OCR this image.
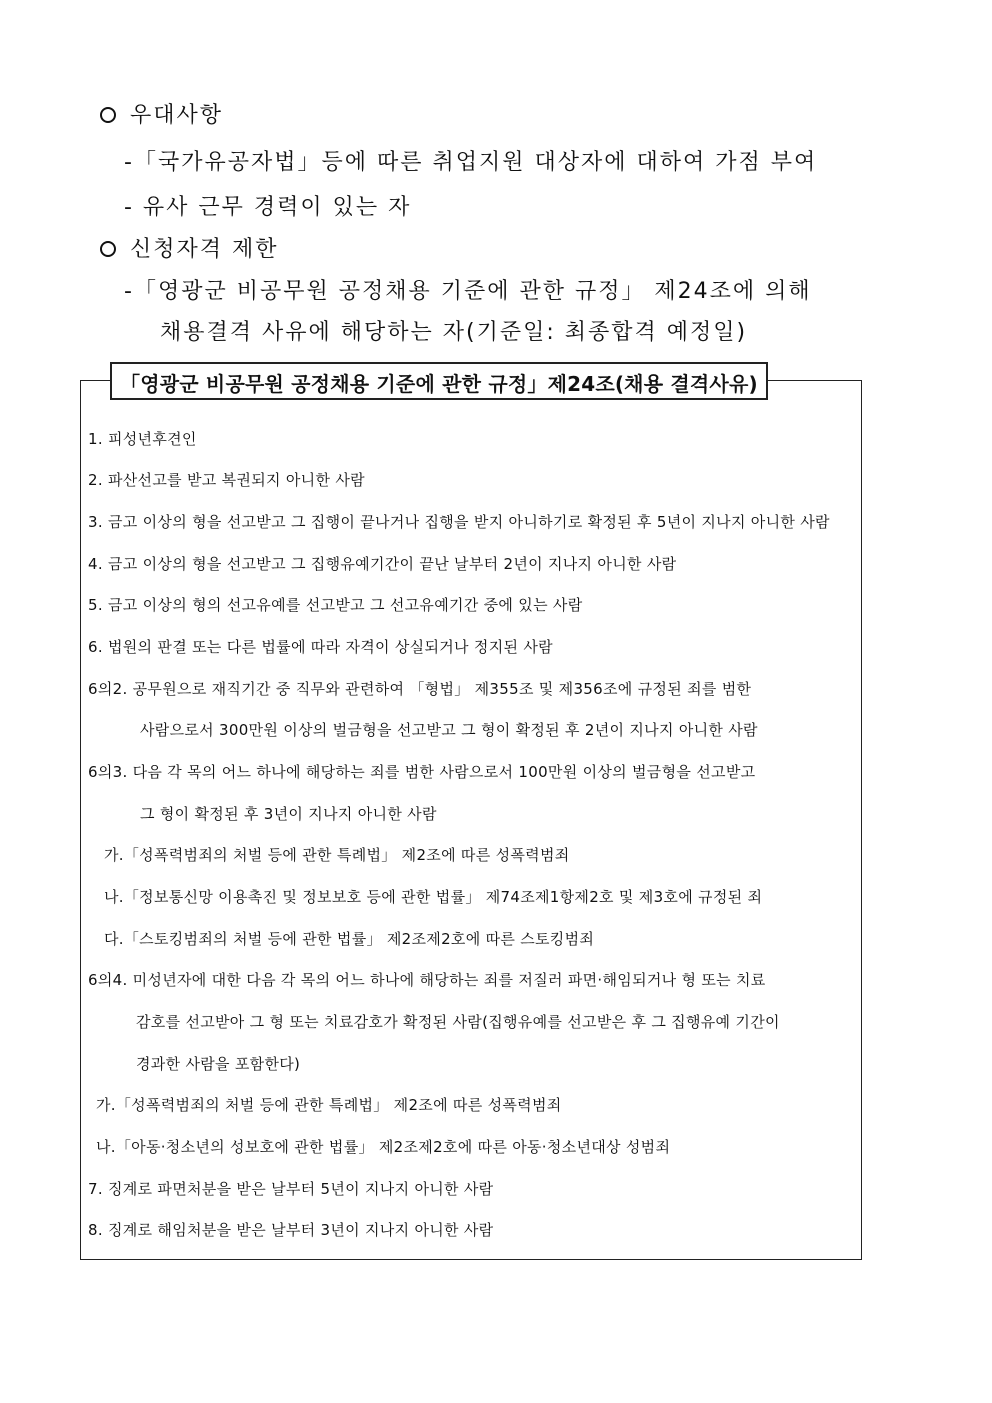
우대사항
-「국가유공자법」등에 따른 취업지원 대상자에 대하여 가점 부여
- 유사 근무 경력이 있는 자
신청자격 제한
-「영광군 비공무원 공정채용 기준에 관한 규정」 제24조에 의해
채용결격 사유에 해당하는 자(기준일: 최종합격 예정일)
「영광군 비공무원 공정채용 기준에 관한 규정」제24조(채용 결격사유)
1. 피성년후견인
2. 파산선고를 받고 복권되지 아니한 사람
3. 금고 이상의 형을 선고받고 그 집행이 끝나거나 집행을 받지 아니하기로 확정된 후 5년이 지나지 아니한 사람
4. 금고 이상의 형을 선고받고 그 집행유예기간이 끝난 날부터 2년이 지나지 아니한 사람
5. 금고 이상의 형의 선고유예를 선고받고 그 선고유예기간 중에 있는 사람
6. 법원의 판결 또는 다른 법률에 따라 자격이 상실되거나 정지된 사람
6의2. 공무원으로 재직기간 중 직무와 관련하여 「형법」 제355조 및 제356조에 규정된 죄를 범한
사람으로서 300만원 이상의 벌금형을 선고받고 그 형이 확정된 후 2년이 지나지 아니한 사람
6의3. 다음 각 목의 어느 하나에 해당하는 죄를 범한 사람으로서 100만원 이상의 벌금형을 선고받고
그 형이 확정된 후 3년이 지나지 아니한 사람
가.「성폭력범죄의 처벌 등에 관한 특례법」 제2조에 따른 성폭력범죄
나.「정보통신망 이용촉진 및 정보보호 등에 관한 법률」 제74조제1항제2호 및 제3호에 규정된 죄
다.「스토킹범죄의 처벌 등에 관한 법률」 제2조제2호에 따른 스토킹범죄
6의4. 미성년자에 대한 다음 각 목의 어느 하나에 해당하는 죄를 저질러 파면·해임되거나 형 또는 치료
감호를 선고받아 그 형 또는 치료감호가 확정된 사람(집행유예를 선고받은 후 그 집행유예 기간이
경과한 사람을 포함한다)
가.「성폭력범죄의 처벌 등에 관한 특례법」 제2조에 따른 성폭력범죄
나.「아동·청소년의 성보호에 관한 법률」 제2조제2호에 따른 아동·청소년대상 성범죄
7. 징계로 파면처분을 받은 날부터 5년이 지나지 아니한 사람
8. 징계로 해임처분을 받은 날부터 3년이 지나지 아니한 사람
